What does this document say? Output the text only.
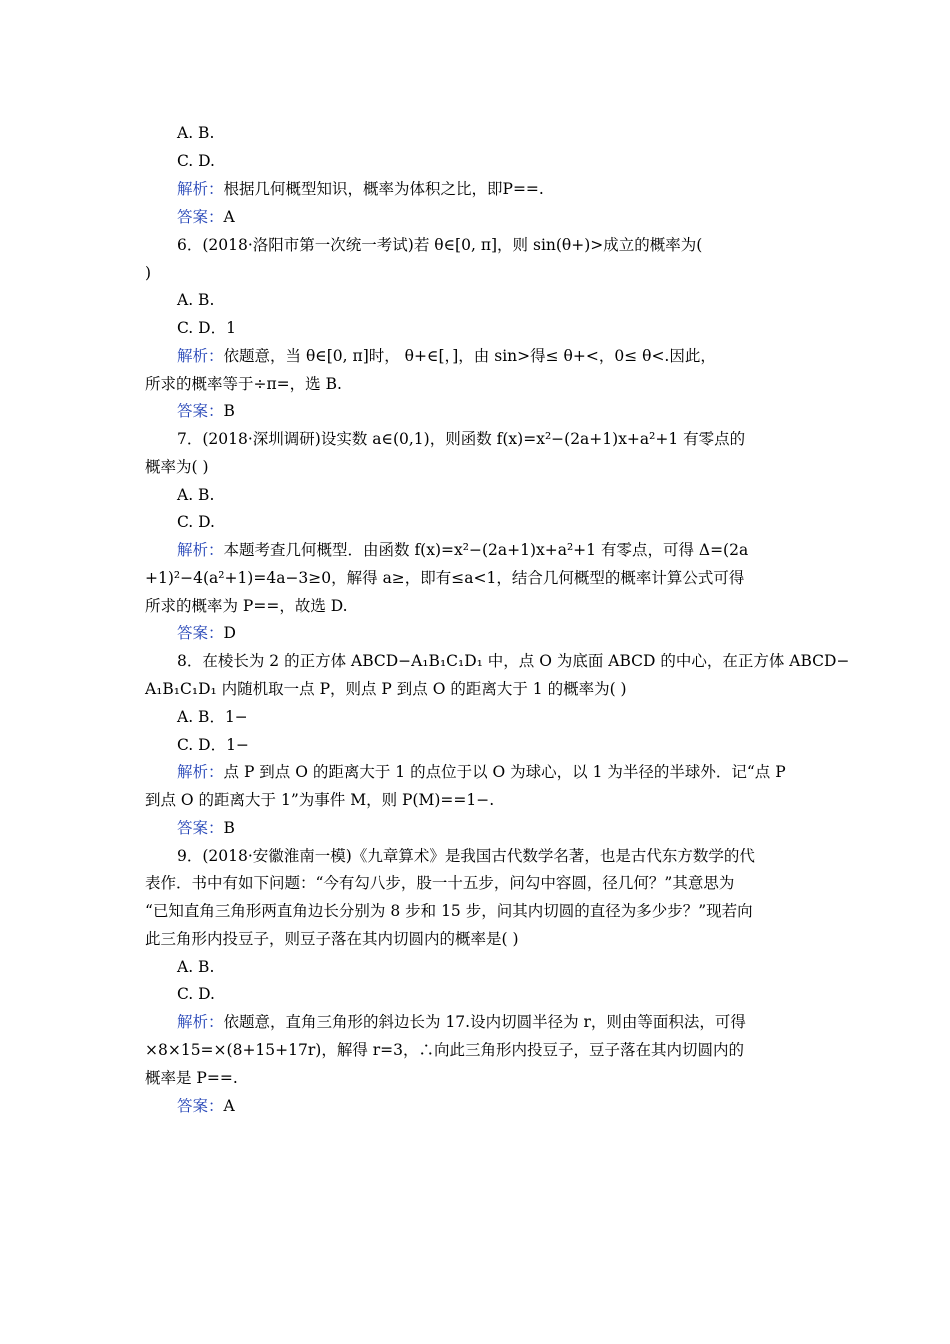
A. B.
C. D.
解析：根据几何概型知识，概率为体积之比，即P==.
答案：A
6．(2018·洛阳市第一次统一考试)若 θ∈[0, π]，则 sin(θ+)>成立的概率为(
)
A. B.
C. D．1
解析：依题意，当 θ∈[0, π]时， θ+∈[，]，由 sin>得≤ θ+<，0≤ θ<.因此，
所求的概率等于÷π=，选 B.
答案：B
7．(2018·深圳调研)设实数 a∈(0,1)，则函数 f(x)=x²−(2a+1)x+a²+1 有零点的
概率为( )
A. B.
C. D.
解析：本题考查几何概型．由函数 f(x)=x²−(2a+1)x+a²+1 有零点，可得 Δ=(2a
+1)²−4(a²+1)=4a−3≥0，解得 a≥，即有≤a<1，结合几何概型的概率计算公式可得
所求的概率为 P==，故选 D.
答案：D
8．在棱长为 2 的正方体 ABCD−A₁B₁C₁D₁ 中，点 O 为底面 ABCD 的中心，在正方体 ABCD−
A₁B₁C₁D₁ 内随机取一点 P，则点 P 到点 O 的距离大于 1 的概率为( )
A. B．1−
C. D．1−
解析：点 P 到点 O 的距离大于 1 的点位于以 O 为球心，以 1 为半径的半球外．记“点 P
到点 O 的距离大于 1”为事件 M，则 P(M)==1−.
答案：B
9．(2018·安徽淮南一模)《九章算术》是我国古代数学名著，也是古代东方数学的代
表作．书中有如下问题：“今有勾八步，股一十五步，问勾中容圆，径几何？”其意思为
“已知直角三角形两直角边长分别为 8 步和 15 步，问其内切圆的直径为多少步？”现若向
此三角形内投豆子，则豆子落在其内切圆内的概率是( )
A. B.
C. D.
解析：依题意，直角三角形的斜边长为 17.设内切圆半径为 r，则由等面积法，可得
×8×15=×(8+15+17r)，解得 r=3，∴向此三角形内投豆子，豆子落在其内切圆内的
概率是 P==.
答案：A
